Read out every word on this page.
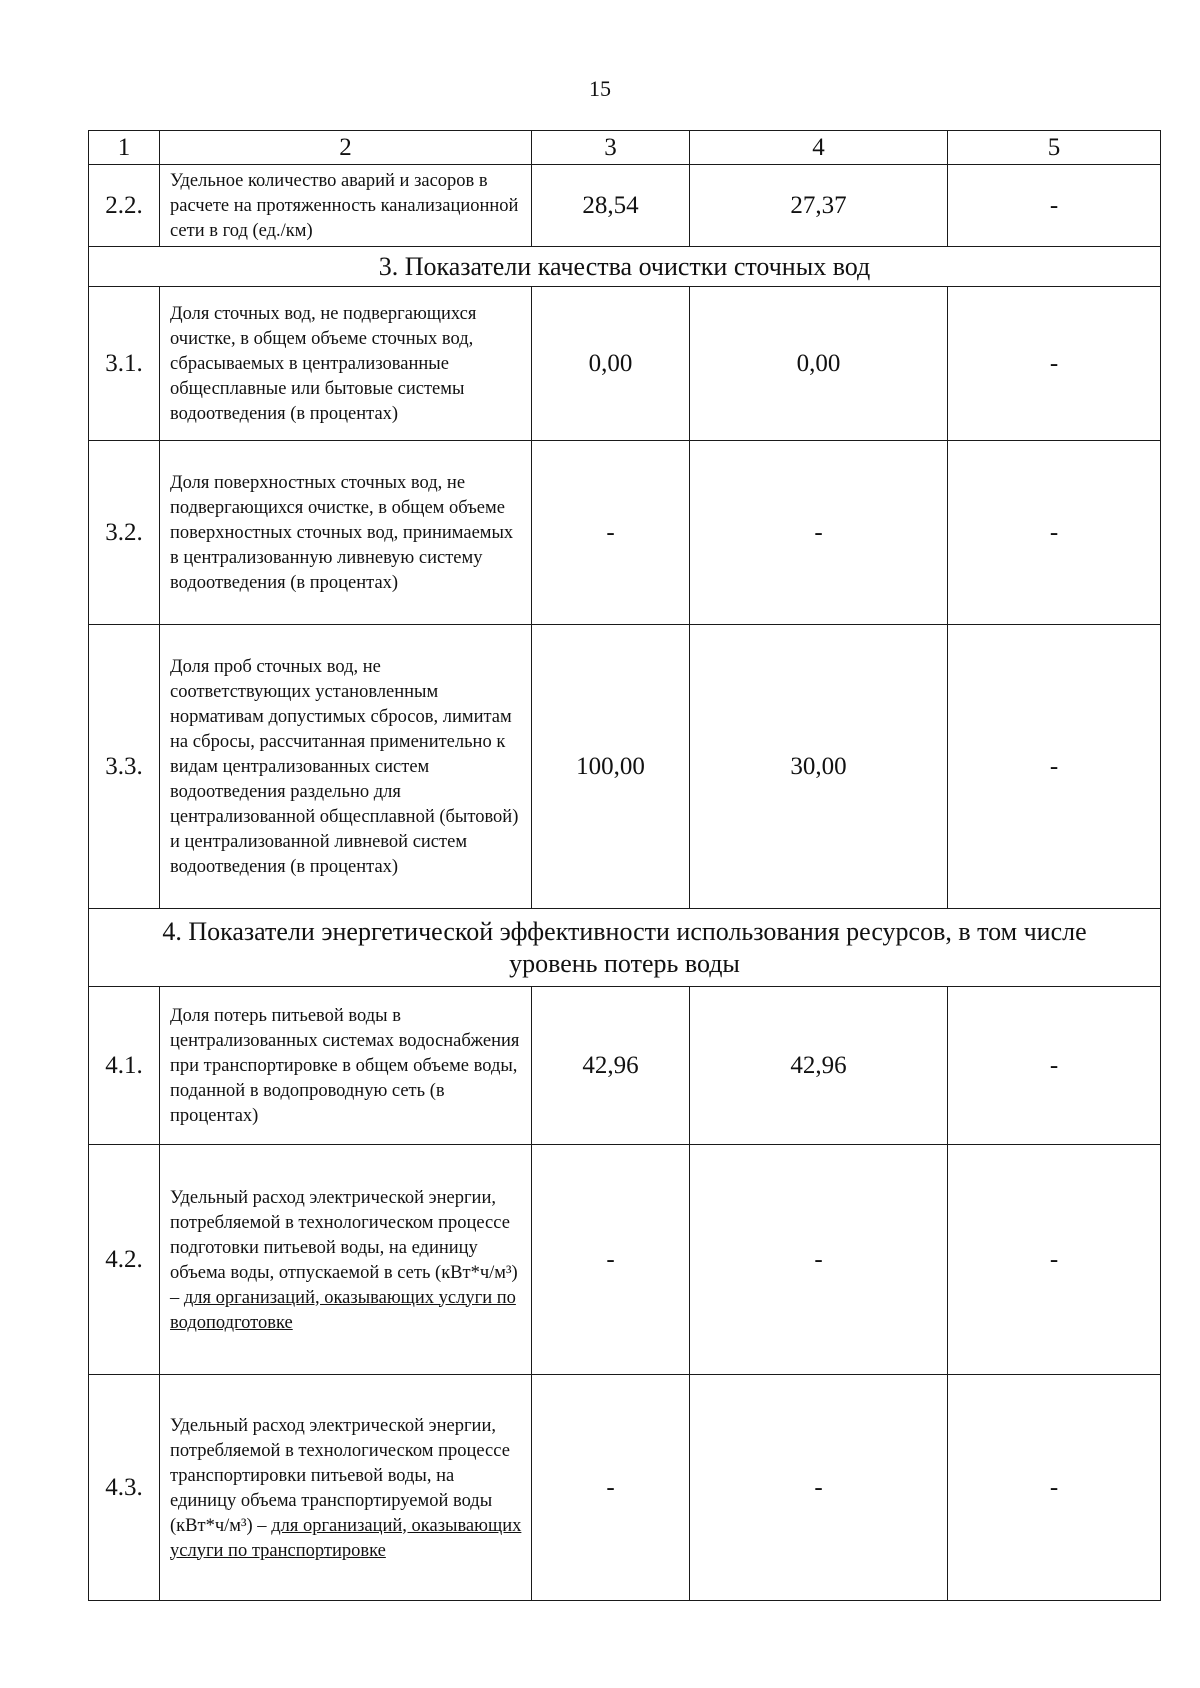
15
1	2	3	4	5
2.2.	Удельное количество аварий и засоров в расчете на протяженность канализационной сети в год (ед./км)	28,54	27,37	-
3. Показатели качества очистки сточных вод				
3.1.	Доля сточных вод, не подвергающихся очистке, в общем объеме сточных вод, сбрасываемых в централизованные общесплавные или бытовые системы водоотведения (в процентах)	0,00	0,00	-
3.2.	Доля поверхностных сточных вод, не подвергающихся очистке, в общем объеме поверхностных сточных вод, принимаемых в централизованную ливневую систему водоотведения (в процентах)	-	-	-
3.3.	Доля проб сточных вод, не соответствующих установленным нормативам допустимых сбросов, лимитам на сбросы, рассчитанная применительно к видам централизованных систем водоотведения раздельно для централизованной общесплавной (бытовой) и централизованной ливневой систем водоотведения (в процентах)	100,00	30,00	-
4. Показатели энергетической эффективности использования ресурсов, в том числе уровень потерь воды				
4.1.	Доля потерь питьевой воды в централизованных системах водоснабжения при транспортировке в общем объеме воды, поданной в водопроводную сеть (в процентах)	42,96	42,96	-
4.2.	Удельный расход электрической энергии, потребляемой в технологическом процессе подготовки питьевой воды, на единицу объема воды, отпускаемой в сеть (кВт*ч/м³) – для организаций, оказывающих услуги по водоподготовке	-	-	-
4.3.	Удельный расход электрической энергии, потребляемой в технологическом процессе транспортировки питьевой воды, на единицу объема транспортируемой воды (кВт*ч/м³) – для организаций, оказывающих услуги по транспортировке	-	-	-
